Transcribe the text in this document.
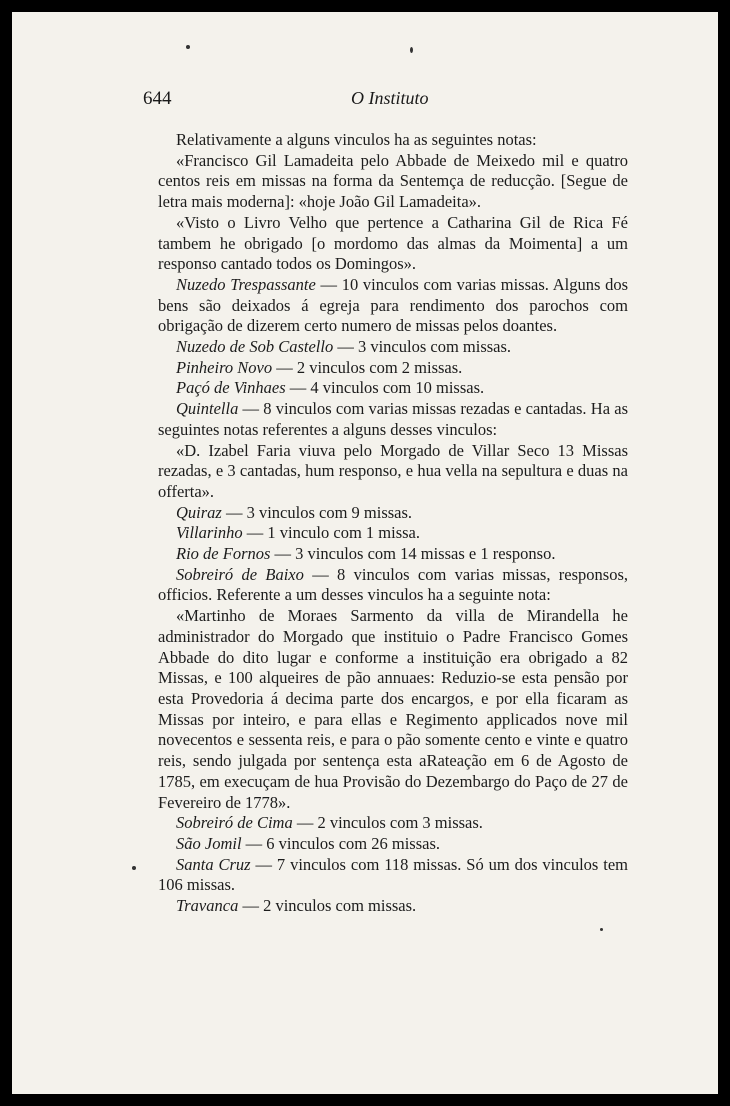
644	O Instituto

Relativamente a alguns vinculos ha as seguintes notas:

«Francisco Gil Lamadeita pelo Abbade de Meixedo mil e quatro centos reis em missas na forma da Sentemça de reducção. [Segue de letra mais moderna]: «hoje João Gil Lamadeita».

«Visto o Livro Velho que pertence a Catharina Gil de Rica Fé tambem he obrigado [o mordomo das almas da Moimenta] a um responso cantado todos os Domingos».

Nuzedo Trespassante — 10 vinculos com varias missas. Alguns dos bens são deixados á egreja para rendimento dos parochos com obrigação de dizerem certo numero de missas pelos doantes.

Nuzedo de Sob Castello — 3 vinculos com missas.

Pinheiro Novo — 2 vinculos com 2 missas.

Paçó de Vinhaes — 4 vinculos com 10 missas.

Quintella — 8 vinculos com varias missas rezadas e cantadas. Ha as seguintes notas referentes a alguns desses vinculos:

«D. Izabel Faria viuva pelo Morgado de Villar Seco 13 Missas rezadas, e 3 cantadas, hum responso, e hua vella na sepultura e duas na offerta».

Quiraz — 3 vinculos com 9 missas.

Villarinho — 1 vinculo com 1 missa.

Rio de Fornos — 3 vinculos com 14 missas e 1 responso.

Sobreiró de Baixo — 8 vinculos com varias missas, responsos, officios. Referente a um desses vinculos ha a seguinte nota:

«Martinho de Moraes Sarmento da villa de Mirandella he administrador do Morgado que instituio o Padre Francisco Gomes Abbade do dito lugar e conforme a instituição era obrigado a 82 Missas, e 100 alqueires de pão annuaes: Reduzio-se esta pensão por esta Provedoria á decima parte dos encargos, e por ella ficaram as Missas por inteiro, e para ellas e Regimento applicados nove mil novecentos e sessenta reis, e para o pão somente cento e vinte e quatro reis, sendo julgada por sentença esta aRateação em 6 de Agosto de 1785, em execuçam de hua Provisão do Dezembargo do Paço de 27 de Fevereiro de 1778».

Sobreiró de Cima — 2 vinculos com 3 missas.

São Jomil — 6 vinculos com 26 missas.

Santa Cruz — 7 vinculos com 118 missas. Só um dos vinculos tem 106 missas.

Travanca — 2 vinculos com missas.
